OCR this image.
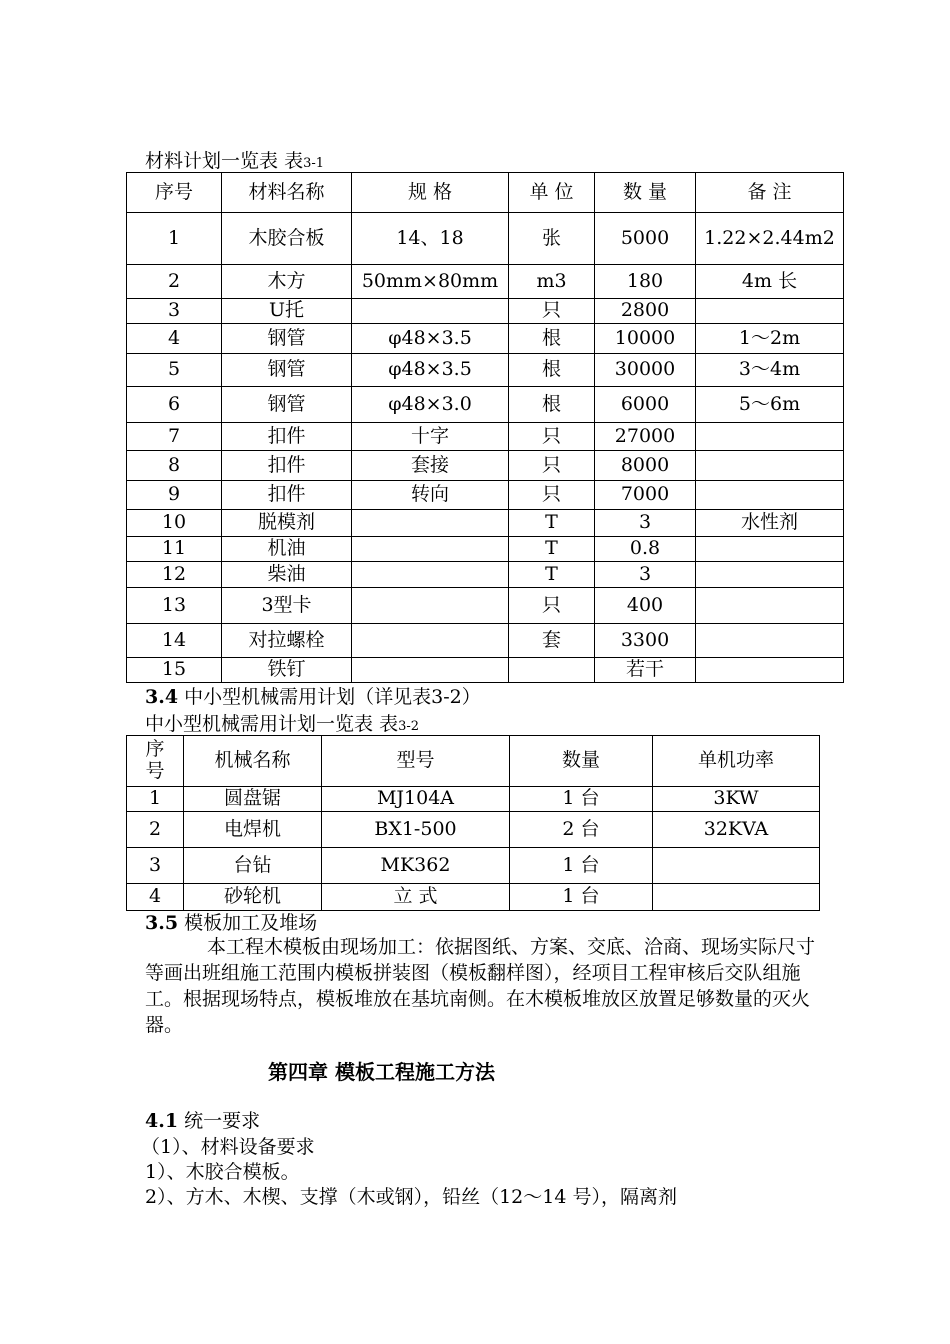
材料计划一览表 表3-1
序号	材料名称	规 格	单 位	数 量	备 注
1	木胶合板	14、18	张	5000	1.22×2.44m2
2	木方	50mm×80mm	m3	180	4m 长
3	U托		只	2800	
4	钢管	φ48×3.5	根	10000	1～2m
5	钢管	φ48×3.5	根	30000	3～4m
6	钢管	φ48×3.0	根	6000	5～6m
7	扣件	十字	只	27000	
8	扣件	套接	只	8000	
9	扣件	转向	只	7000	
10	脱模剂		T	3	水性剂
11	机油		T	0.8	
12	柴油		T	3	
13	3型卡		只	400	
14	对拉螺栓		套	3300	
15	铁钉			若干	
3.4 中小型机械需用计划（详见表3-2）
中小型机械需用计划一览表 表3-2
序号	机械名称	型号	数量	单机功率
1	圆盘锯	MJ104A	1 台	3KW
2	电焊机	BX1-500	2 台	32KVA
3	台钻	MK362	1 台	
4	砂轮机	立 式	1 台	
3.5 模板加工及堆场
本工程木模板由现场加工：依据图纸、方案、交底、洽商、现场实际尺寸等画出班组施工范围内模板拼装图（模板翻样图），经项目工程审核后交队组施工。根据现场特点，模板堆放在基坑南侧。在木模板堆放区放置足够数量的灭火器。
第四章 模板工程施工方法
4.1 统一要求
（1）、材料设备要求
1）、木胶合模板。
2）、方木、木楔、支撑（木或钢），铅丝（12～14 号），隔离剂
